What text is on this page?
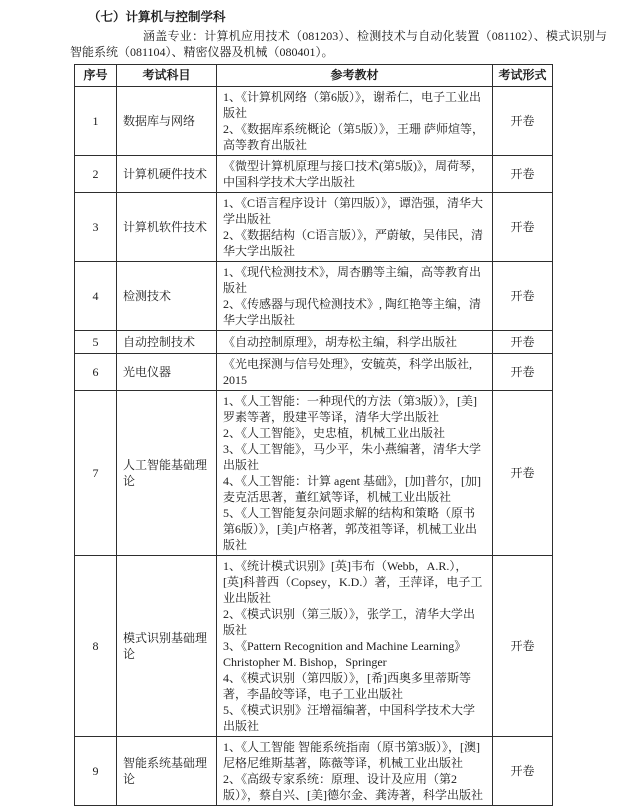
（七）计算机与控制学科

涵盖专业：计算机应用技术（081203）、检测技术与自动化装置（081102）、模式识别与智能系统（081104）、精密仪器及机械（080401）。

序号	考试科目	参考教材	考试形式
1	数据库与网络	1、《计算机网络（第6版）》，谢希仁，电子工业出版社
2、《数据库系统概论（第5版）》，王珊 萨师煊等，高等教育出版社	开卷
2	计算机硬件技术	《微型计算机原理与接口技术(第5版)》，周荷琴，中国科学技术大学出版社	开卷
3	计算机软件技术	1、《C语言程序设计（第四版）》，谭浩强，清华大学出版社
2、《数据结构（C语言版）》，严蔚敏，吴伟民，清华大学出版社	开卷
4	检测技术	1、《现代检测技术》，周杏鹏等主编，高等教育出版社
2、《传感器与现代检测技术》, 陶红艳等主编，清华大学出版社	开卷
5	自动控制技术	《自动控制原理》，胡寿松主编，科学出版社	开卷
6	光电仪器	《光电探测与信号处理》，安毓英，科学出版社, 2015	开卷
7	人工智能基础理论	1、《人工智能：一种现代的方法（第3版）》，[美]罗素等著，殷建平等译，清华大学出版社
2、《人工智能》，史忠植，机械工业出版社
3、《人工智能》，马少平，朱小燕编著，清华大学出版社
4、《人工智能：计算 agent 基础》，[加]普尔，[加]麦克活思著，董红斌等译，机械工业出版社
5、《人工智能复杂问题求解的结构和策略（原书第6版）》，[美]卢格著，郭茂祖等译，机械工业出版社	开卷
8	模式识别基础理论	1、《统计模式识别》[英]韦布（Webb，A.R.），[英]科普西（Copsey，K.D.）著，王萍译，电子工业出版社
2、《模式识别（第三版）》，张学工，清华大学出版社
3、《Pattern Recognition and Machine Learning》Christopher M. Bishop，Springer
4、《模式识别（第四版）》，[希]西奥多里蒂斯等著，李晶皎等译，电子工业出版社
5、《模式识别》汪增福编著，中国科学技术大学出版社	开卷
9	智能系统基础理论	1、《人工智能 智能系统指南（原书第3版）》，[澳]尼格尼维斯基著，陈薇等译，机械工业出版社
2、《高级专家系统：原理、设计及应用（第2版）》，蔡自兴、[美]德尔金、龚涛著，科学出版社	开卷
